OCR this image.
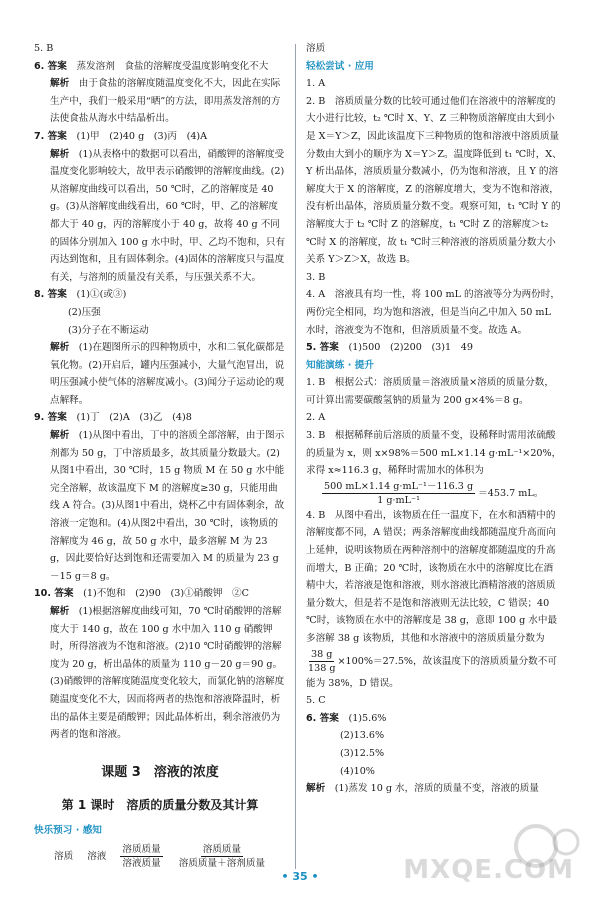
5. B

6. 答案　 蒸发溶剂　食盐的溶解度受温度影响变化不大

解析　 由于食盐的溶解度随温度变化不大，因此在实际生产中，我们一般采用“晒”的方法，即用蒸发溶剂的方法使食盐从海水中结晶析出。

7. 答案　 (1)甲　(2)40 g　(3)丙　(4)A

解析　 (1)从表格中的数据可以看出，硝酸钾的溶解度受温度变化影响较大，故甲表示硝酸钾的溶解度曲线。(2)从溶解度曲线可以看出，50 ℃时，乙的溶解度是 40 g。(3)从溶解度曲线看出，60 ℃时，甲、乙的溶解度都大于 40 g，丙的溶解度小于 40 g，故将 40 g 不同的固体分别加入 100 g 水中时，甲、乙均不饱和，只有丙达到饱和，且有固体剩余。(4)固体的溶解度只与温度有关，与溶剂的质量没有关系，与压强关系不大。

8. 答案　 (1)①(或③)

(2)压强

(3)分子在不断运动

解析　 (1)在题图所示的四种物质中，水和二氧化碳都是氧化物。(2)开启后，罐内压强减小，大量气泡冒出，说明压强减小使气体的溶解度减小。(3)闻分子运动论的观点解释。

9. 答案　 (1)丁　(2)A　(3)乙　(4)8

解析　 (1)从图中看出，丁中的溶质全部溶解，由于图示剂都为 50 g，丁中溶质最多，故其质量分数最大。(2)从图1中看出，30 ℃时，15 g 物质 M 在 50 g 水中能完全溶解，故该温度下 M 的溶解度≥30 g，只能用曲线 A 符合。(3)从图1中看出，烧杯乙中有固体剩余，故溶液一定饱和。(4)从图2中看出，30 ℃时，该物质的溶解度为 46 g，故 50 g 水中，最多溶解 M 为 23 g，因此要恰好达到饱和还需要加入 M 的质量为 23 g－15 g＝8 g。

10. 答案　 (1)不饱和　(2)90　(3)①硝酸钾　②C

解析　 (1)根据溶解度曲线可知，70 ℃时硝酸钾的溶解度大于 140 g，故在 100 g 水中加入 110 g 硝酸钾时，所得溶液为不饱和溶液。(2)10 ℃时硝酸钾的溶解度为 20 g，析出晶体的质量为 110 g－20 g＝90 g。(3)硝酸钾的溶解度随温度变化较大，而氯化钠的溶解度随温度变化不大，因而将两者的热饱和溶液降温时，析出的晶体主要是硝酸钾；因此晶体析出，剩余溶液仍为两者的饱和溶液。

课题 3　溶液的浓度
第 1 课时　溶质的质量分数及其计算
快乐预习 · 感知
溶质 溶液 $\frac{\text{溶质质量}}{\text{溶液质量}} \frac{\text{溶质质量}}{\text{溶质质量＋溶剂质量}}$

溶质

轻松尝试 · 应用

1. A

2. B　 溶质质量分数的比较可通过他们在溶液中的溶解度的大小进行比较，t₂ ℃时 X、Y、Z 三种物质溶解度由大到小是 X＝Y＞Z，因此该温度下三种物质的饱和溶液中溶质质量分数由大到小的顺序为 X＝Y＞Z。温度降低到 t₁ ℃时，X、Y 析出晶体，溶质质量分数减小，仍为饱和溶液，且 Y 的溶解度大于 X 的溶解度，Z 的溶解度增大，变为不饱和溶液，没有析出晶体，溶质质量分数不变。观察可知，t₁ ℃时 Y 的溶解度大于 t₂ ℃时 Z 的溶解度，t₁ ℃时 Z 的溶解度＞t₂ ℃时 X 的溶解度，故 t₁ ℃时三种溶液的溶质质量分数大小关系 Y＞Z＞X，故选 B。

3. B

4. A　 溶液具有均一性，将 100 mL 的溶液等分为两份时，两份完全相同，均为饱和溶液，但是当向乙中加入 50 mL 水时，溶液变为不饱和，但溶质质量不变。故选 A。

5. 答案　 (1)500　(2)200　(3)1　49

知能演练 · 提升

1. B　 根据公式：溶质质量＝溶液质量×溶质的质量分数，可计算出需要碳酸氢钠的质量为 200 g×4%＝8 g。

2. A

3. B　 根据稀释前后溶质的质量不变，设稀释时需用浓硫酸的质量为 x，则 x×98%＝500 mL×1.14 g·mL⁻¹×20%，求得 x≈116.3 g，稀释时需加水的体积为

$\frac{\text{500 mL×1.14 g·mL⁻¹－116.3 g}}{\text{1 g·mL⁻¹}} =453.7$ mL。

4. B　 从图中看出，该物质在任一温度下，在水和酒精中的溶解度都不同，A 错误；两条溶解度曲线都随温度升高而向上延伸，说明该物质在两种溶剂中的溶解度都随温度的升高而增大，B 正确；20 ℃时，该物质在水中的溶解度比在酒精中大，若溶液是饱和溶液，则水溶液比酒精溶液的溶质质量分数大，但是若不是饱和溶液则无法比较，C 错误；40 ℃时，该物质在水中的溶解度是 38 g，意即 100 g 水中最多溶解 38 g 该物质，其他和水溶液中的溶质质量分数为
$\frac{38 g}{138 g} \times 100\%=27.5\%$，故该温度下的溶质质量分数不可能为 38%，D 错误。

5. C

6. 答案　 (1)5.6%

(2)13.6%

(3)12.5%

(4)10%

解析　 (1)蒸发 10 g 水，溶质的质量不变，溶液的质量

• 35 •	MXQE.COM
